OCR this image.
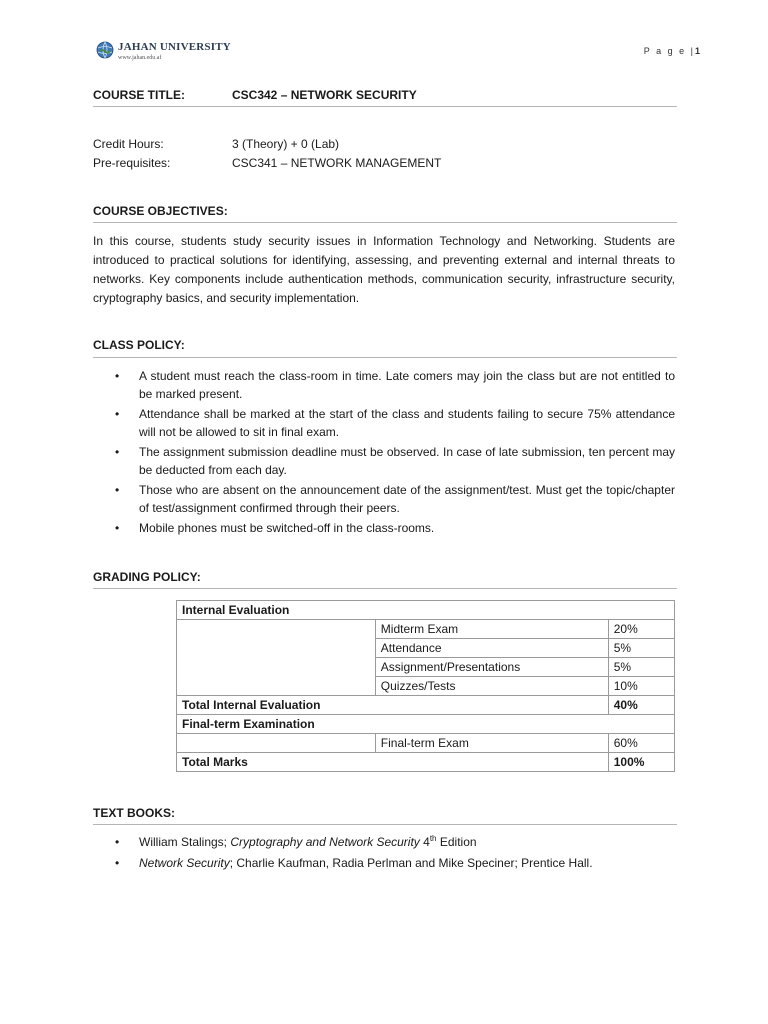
JAHAN UNIVERSITY
www.jahan.edu.af
P a g e |1
COURSE TITLE:	CSC342 – NETWORK SECURITY
Credit Hours:	3 (Theory) + 0 (Lab)
Pre-requisites:	CSC341 – NETWORK MANAGEMENT
COURSE OBJECTIVES:
In this course, students study security issues in Information Technology and Networking. Students are introduced to practical solutions for identifying, assessing, and preventing external and internal threats to networks. Key components include authentication methods, communication security, infrastructure security, cryptography basics, and security implementation.
CLASS POLICY:
• A student must reach the class-room in time. Late comers may join the class but are not entitled to be marked present.
• Attendance shall be marked at the start of the class and students failing to secure 75% attendance will not be allowed to sit in final exam.
• The assignment submission deadline must be observed. In case of late submission, ten percent may be deducted from each day.
• Those who are absent on the announcement date of the assignment/test. Must get the topic/chapter of test/assignment confirmed through their peers.
• Mobile phones must be switched-off in the class-rooms.
GRADING POLICY:
Internal Evaluation		
	Midterm Exam	20%
	Attendance	5%
	Assignment/Presentations	5%
	Quizzes/Tests	10%
Total Internal Evaluation		40%
Final-term Examination		
	Final-term Exam	60%
Total Marks		100%
TEXT BOOKS:
• William Stalings; Cryptography and Network Security 4th Edition
• Network Security; Charlie Kaufman, Radia Perlman and Mike Speciner; Prentice Hall.
